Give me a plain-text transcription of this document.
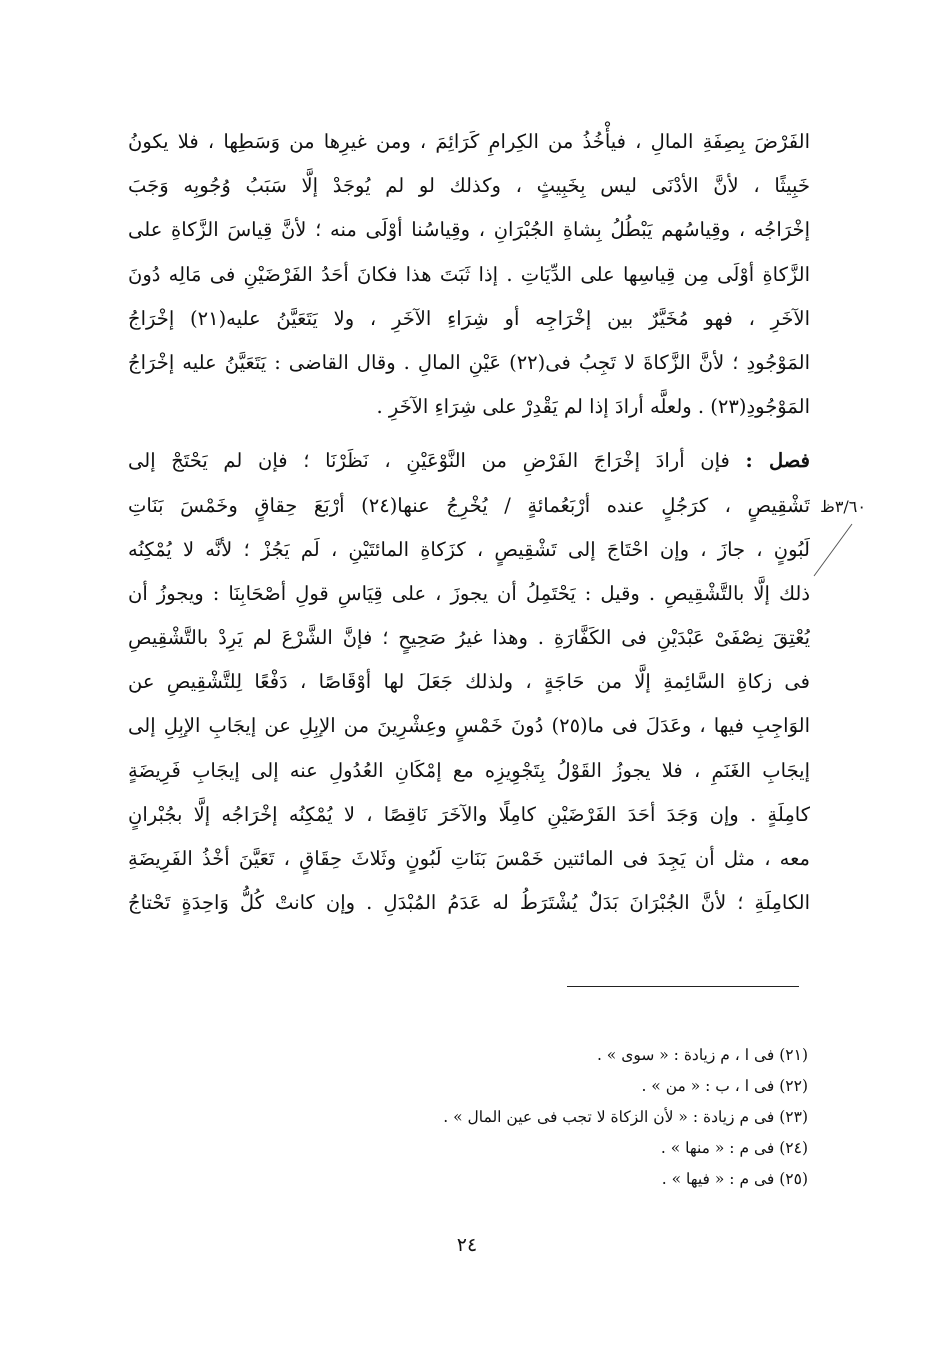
الفَرْضَ بِصِفَةِ المالِ ، فيأْخُذُ من الكِرامِ كَرَائِمَ ، ومن غيرِها من وَسَطِها ، فلا يكونُ
خَبِيثًا ، لأنَّ الأدْنَى ليس بِخَبِيثٍ ، وكذلك لو لم يُوجَدْ إلَّا سَبَبُ وُجُوبِه وَجَبَ
إخْرَاجُه ، وقِياسُهم يَبْطُلُ بِشاةِ الجُبْرَانِ ، وقِياسُنا أوْلَى منه ؛ لأنَّ قِياسَ الزَّكاةِ على
الزَّكاةِ أوْلَى مِن قِياسِها على الدِّيَاتِ . إذا ثَبَتَ هذا فكانَ أحَدُ الفَرْضَيْنِ فى مَالِه دُونَ
الآخَرِ ، فهو مُخَيَّرٌ بين إخْرَاجِه أو شِرَاءِ الآخَرِ ، ولا يَتَعَيَّنُ عليه(٢١) إخْرَاجُ
المَوْجُودِ ؛ لأنَّ الزَّكاةَ لا تَجِبُ فى(٢٢) عَيْنِ المالِ . وقال القاضى : يَتَعَيَّنُ عليه إخْرَاجُ
المَوْجُودِ(٢٣) . ولعلَّه أرادَ إذا لم يَقْدِرْ على شِرَاءِ الآخَرِ .
فصل : فإن أرادَ إخْرَاجَ الفَرْضِ من النَّوْعَيْنِ ، نَظَرْنَا ؛ فإن لم يَحْتَجْ إلى
تَشْقِيصٍ ، كرَجُلٍ عنده أرْبَعُمائةٍ / يُخْرِجُ عنها(٢٤) أرْبَعَ حِقاقٍ وخَمْسَ بَنَاتِ
لَبُونٍ ، جازَ ، وإن احْتَاجَ إلى تَشْقِيصٍ ، كزَكاةِ المائتَيْنِ ، لَم يَجُزْ ؛ لأنَّه لا يُمْكِنُه
ذلك إلَّا بالتَّشْقِيصِ . وقيل : يَحْتَمِلُ أن يجوزَ ، على قِيَاسِ قولِ أصْحَابِنَا : ويجوزُ أن
يُعْتِقَ نِصْفَىْ عَبْدَيْنِ فى الكَفَّارَةِ . وهذا غيرُ صَحِيحٍ ؛ فإنَّ الشَّرْعَ لم يَرِدْ بالتَّشْقِيصِ
فى زكاةِ السَّائِمةِ إلَّا من حَاجَةٍ ، ولذلك جَعَلَ لها أوْقَاصًا ، دَفْعًا لِلتَّشْقِيصِ عن
الوَاجِبِ فيها ، وعَدَلَ فى ما(٢٥) دُونَ خَمْسٍ وعِشْرِينَ من الإبِلِ عن إيجَابِ الإبِلِ إلى
إيجَابِ الغَنَمِ ، فلا يجوزُ القَوْلُ بِتَجْوِيزِه مع إمْكَانِ العُدُولِ عنه إلى إيجَابِ فَرِيضَةٍ
كامِلَةٍ . وإن وَجَدَ أحَدَ الفَرْضَيْنِ كامِلًا والآخَرَ نَاقِصًا ، لا يُمْكِنُه إخْرَاجُه إلَّا بجُبْرانٍ
معه ، مثل أن يَجِدَ فى المائتين خَمْسَ بَنَاتِ لَبُونٍ وثَلاثَ حِقَاقٍ ، تَعَيَّنَ أخْذُ الفَرِيضَةِ
الكامِلَةِ ؛ لأنَّ الجُبْرَانَ بَدَلٌ يُشْتَرَطُ له عَدَمُ المُبْدَلِ . وإن كانتْ كُلُّ وَاحِدَةٍ تَحْتاجُ
٣/٦٠ظ
(٢١) فى ا ، م زيادة : « سوى » .
(٢٢) فى ا ، ب : « من » .
(٢٣) فى م زيادة : « لأن الزكاة لا تجب فى عين المال » .
(٢٤) فى م : « منها » .
(٢٥) فى م : « فيها » .
٢٤
